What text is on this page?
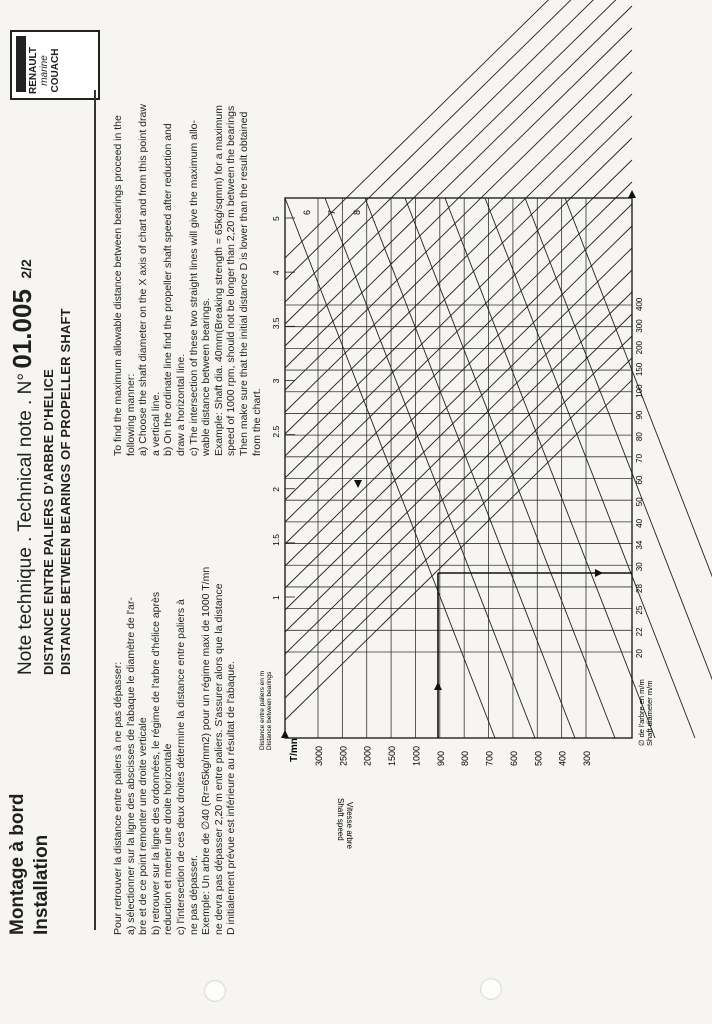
RENAULT marine COUACH
Montage à bord Installation
Note technique . Technical note . N° 01.005 2/2
DISTANCE ENTRE PALIERS D'ARBRE D'HELICE DISTANCE BETWEEN BEARINGS OF PROPELLER SHAFT
Pour retrouver la distance entre paliers à ne pas dépasser: a) sélectionner sur la ligne des abscisses de l'abaque le diamètre de l'ar- bre et de ce point remonter une droite verticale b) retrouver sur la ligne des ordonnées, le régime de l'arbre d'hélice après reduction et mener une droite horizontale c) l'intersection de ces deux droites détermine la distance entre paliers à ne pas dépasser. Exemple: Un arbre de ∅40 (Rr=65kg/mm2) pour un régime maxi de 1000 T/mn ne devra pas dépasser 2,20 m entre paliers. S'assurer alors que la distance D initialement prévue est inférieure au résultat de l'abaque.
To find the maximum allowable distance between bearings proceed in the following manner: a) Choose the shaft diameter on the X axis of chart and from this point draw a vertical line. b) On the ordinate line find the propeller shaft speed after reduction and draw a horizontal line. c) The intersection of these two straight lines will give the maximum allo- wable distance between bearings. Example: Shaft dia. 40mm(Breaking strength = 65kg/sqmm) for a maximum speed of 1000 rpm, should not be longer than 2,20 m between the bearings Then make sure that the initial distance D is lower than the result obtained from the chart.
3000 2500 2000 1500 1000 900 800 700 600 500 400 300
20
22
25
28
30
34
40
50
60
70
80
90
100
150
200
300
400
1
1.5
2
2.5
3
3.5
4
5
6 7 8
T/mn
Vitesse arbre
Shaft speed
∅ de l'arbre en m/m Shaft diameter m/m
Distance entre paliers en m Distance between bearings
